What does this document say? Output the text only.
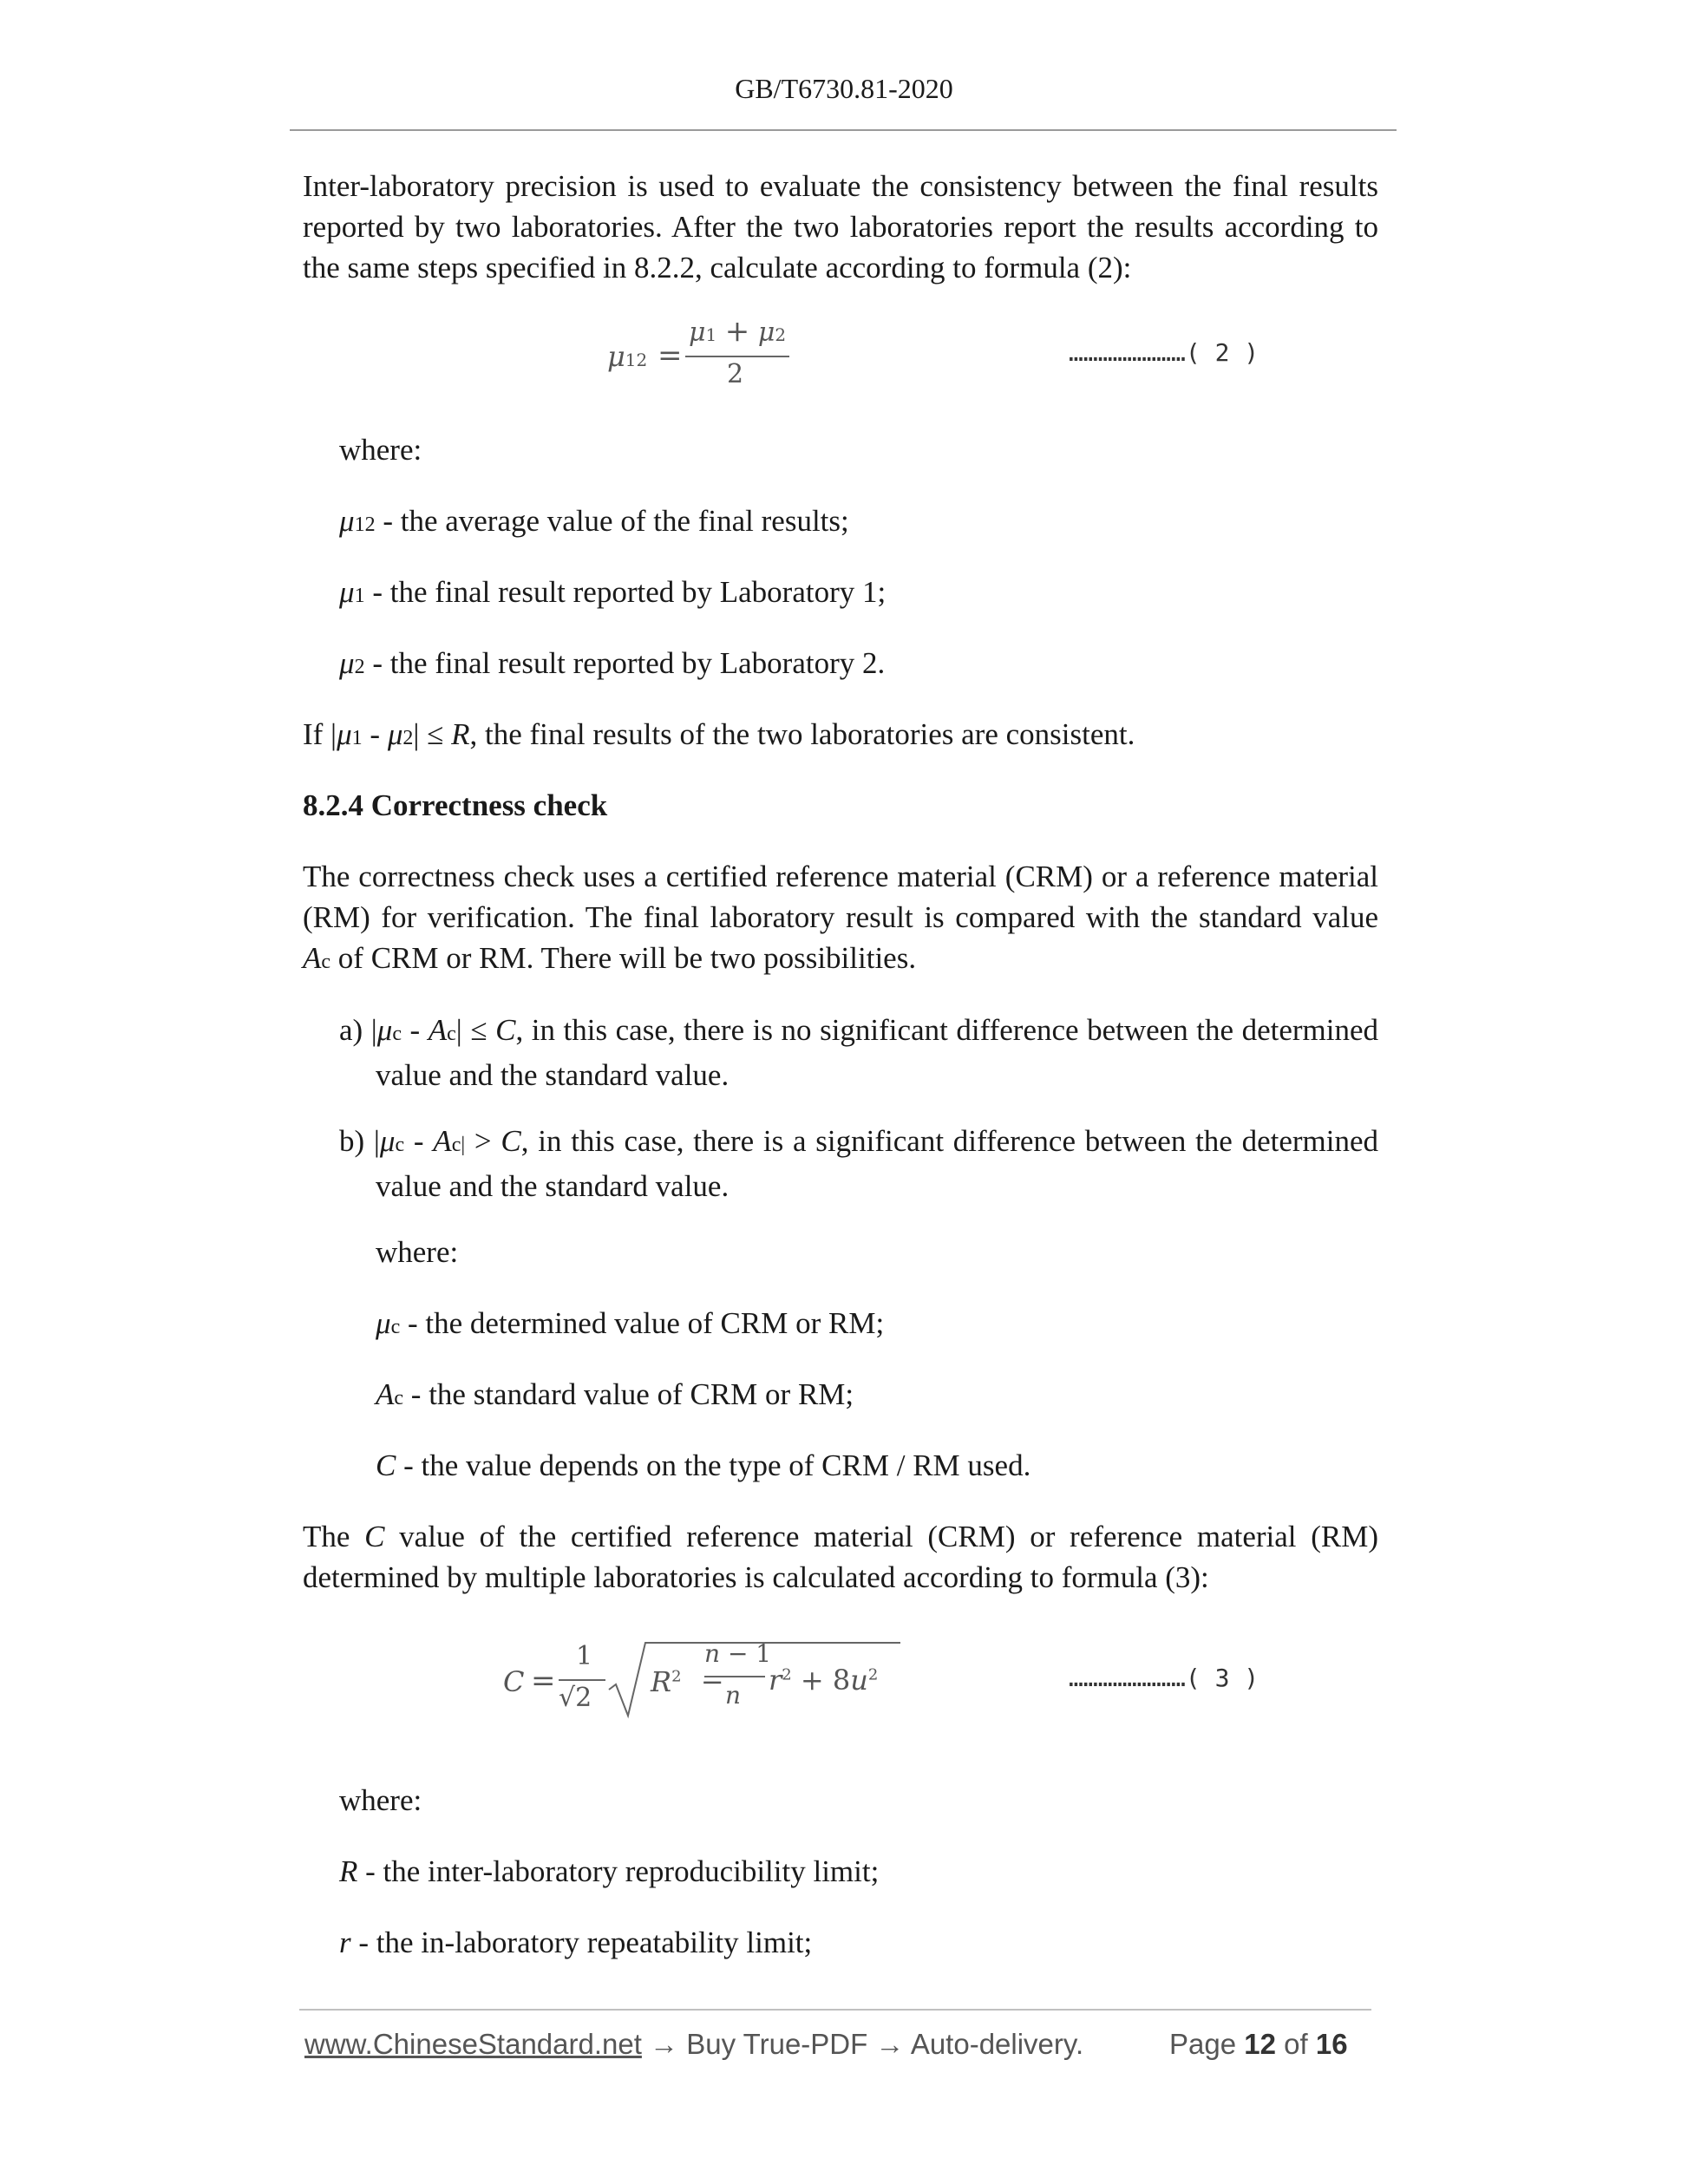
GB/T6730.81-2020
Inter-laboratory precision is used to evaluate the consistency between the final results
reported by two laboratories. After the two laboratories report the results according to
the same steps specified in 8.2.2, calculate according to formula (2):
μ12 =
μ1 + μ2
2
……………………( 2 )
where:
μ12 - the average value of the final results;
μ1 - the final result reported by Laboratory 1;
μ2 - the final result reported by Laboratory 2.
If |μ1 - μ2| ≤ R, the final results of the two laboratories are consistent.
8.2.4 Correctness check
The correctness check uses a certified reference material (CRM) or a reference material
(RM) for verification. The final laboratory result is compared with the standard value
Ac of CRM or RM. There will be two possibilities.
a) |μc - Ac| ≤ C, in this case, there is no significant difference between the determined
value and the standard value.
b) |μc - Ac| > C, in this case, there is a significant difference between the determined
value and the standard value.
where:
μc - the determined value of CRM or RM;
Ac - the standard value of CRM or RM;
C - the value depends on the type of CRM / RM used.
The C value of the certified reference material (CRM) or reference material (RM)
determined by multiple laboratories is calculated according to formula (3):
C =
1
√2 $R^2$ −
n − 1
n $r^2 + 8u^2$	……………………( 3 )
where:
R - the inter-laboratory reproducibility limit;
r - the in-laboratory repeatability limit;
www.ChineseStandard.net → Buy True-PDF → Auto-delivery.	Page 12 of 16
